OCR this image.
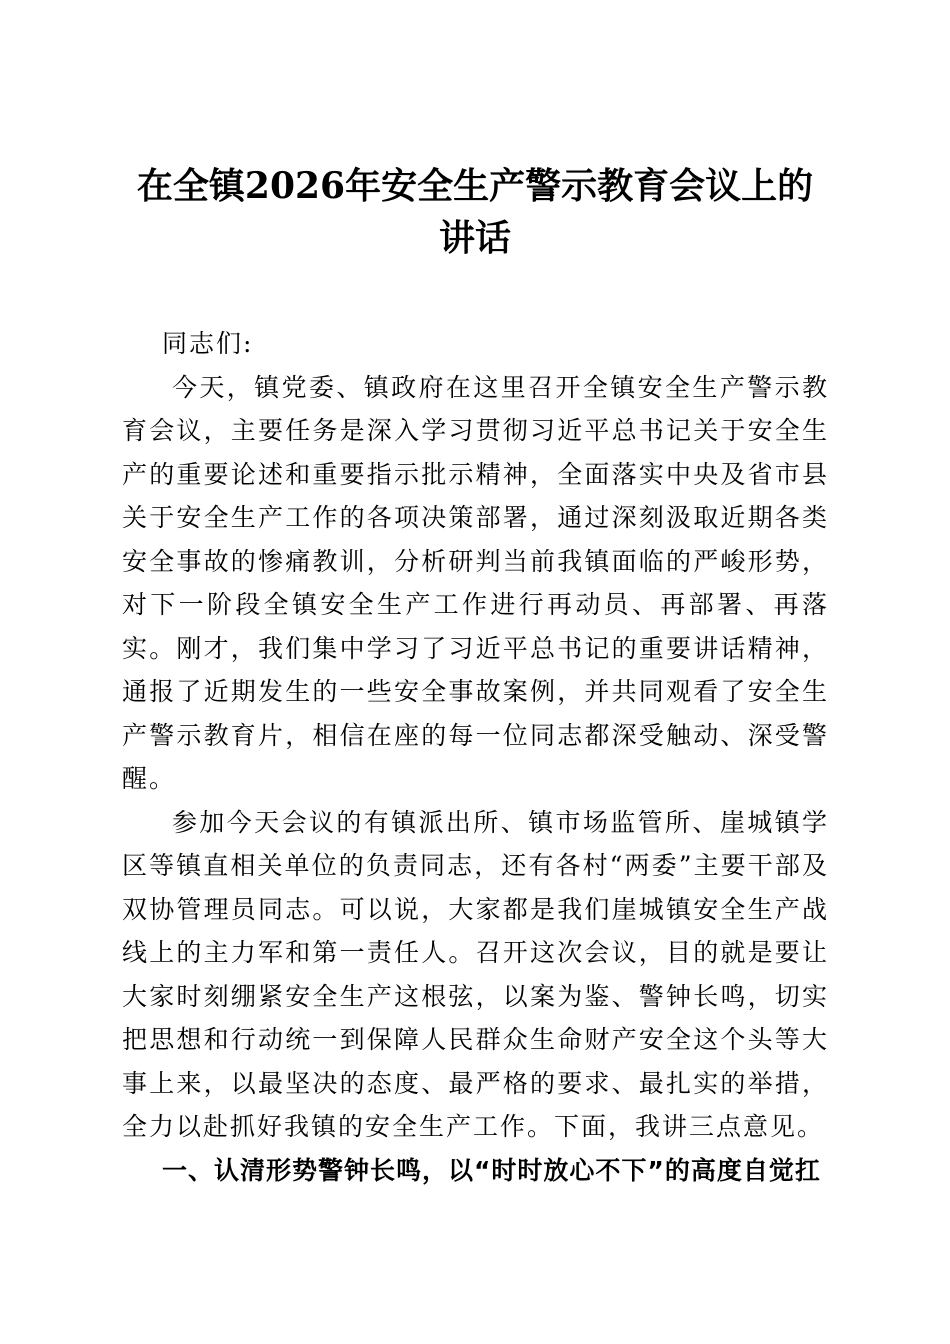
在全镇2026年安全生产警示教育会议上的讲话

同志们:

今天，镇党委、镇政府在这里召开全镇安全生产警示教育会议，主要任务是深入学习贯彻习近平总书记关于安全生产的重要论述和重要指示批示精神，全面落实中央及省市县关于安全生产工作的各项决策部署，通过深刻汲取近期各类安全事故的惨痛教训，分析研判当前我镇面临的严峻形势，对下一阶段全镇安全生产工作进行再动员、再部署、再落实。刚才，我们集中学习了习近平总书记的重要讲话精神，通报了近期发生的一些安全事故案例，并共同观看了安全生产警示教育片，相信在座的每一位同志都深受触动、深受警醒。

参加今天会议的有镇派出所、镇市场监管所、崖城镇学区等镇直相关单位的负责同志，还有各村“两委”主要干部及双协管理员同志。可以说，大家都是我们崖城镇安全生产战线上的主力军和第一责任人。召开这次会议，目的就是要让大家时刻绷紧安全生产这根弦，以案为鉴、警钟长鸣，切实把思想和行动统一到保障人民群众生命财产安全这个头等大事上来，以最坚决的态度、最严格的要求、最扎实的举措，全力以赴抓好我镇的安全生产工作。下面，我讲三点意见。

一、认清形势警钟长鸣，以“时时放心不下”的高度自觉扛
